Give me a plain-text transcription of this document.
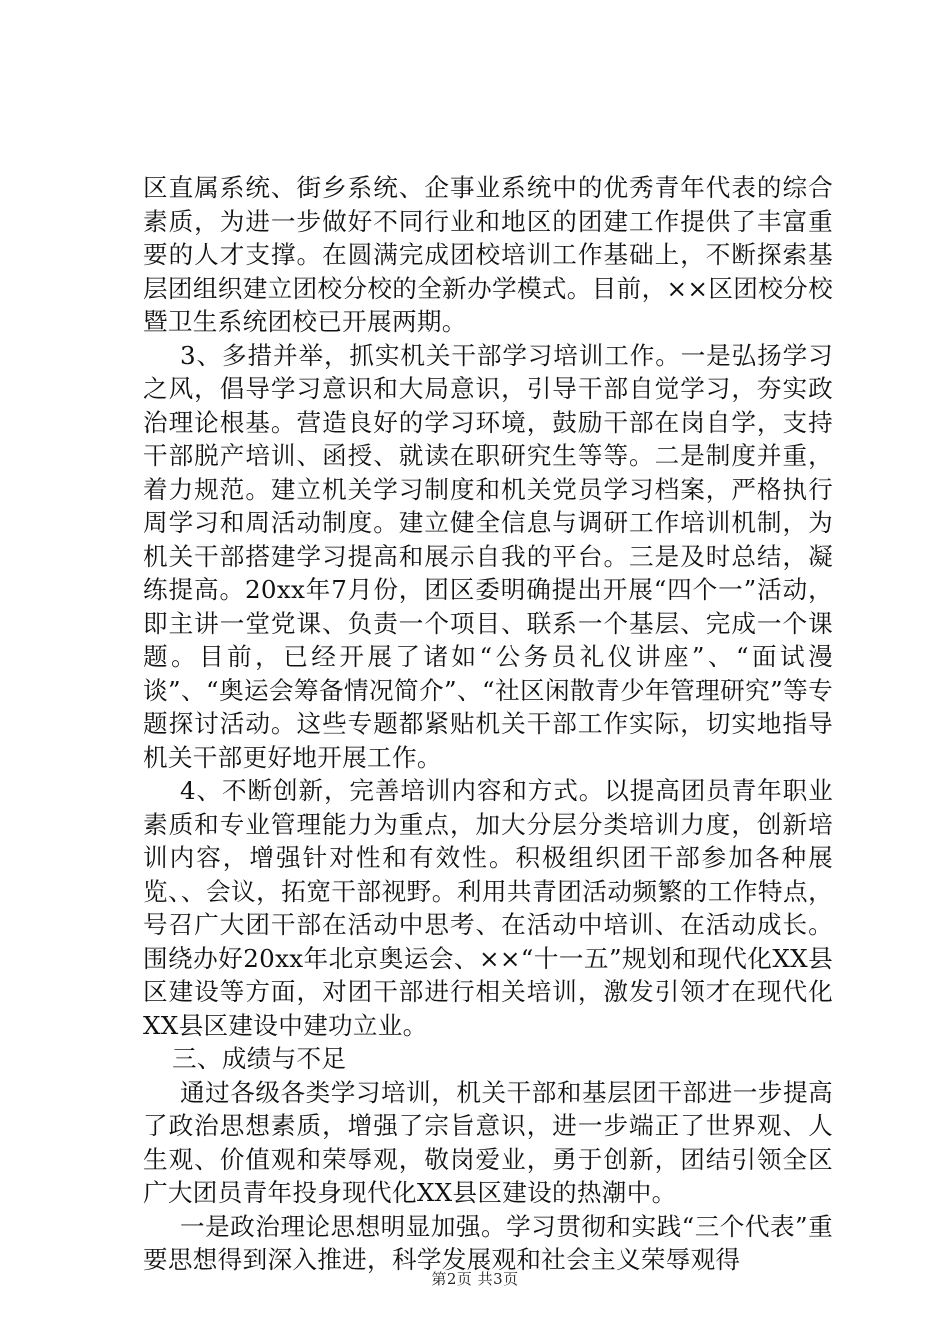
区直属系统、街乡系统、企事业系统中的优秀青年代表的综合素质，为进一步做好不同行业和地区的团建工作提供了丰富重要的人才支撑。在圆满完成团校培训工作基础上，不断探索基层团组织建立团校分校的全新办学模式。目前，××区团校分校暨卫生系统团校已开展两期。

3、多措并举，抓实机关干部学习培训工作。一是弘扬学习之风，倡导学习意识和大局意识，引导干部自觉学习，夯实政治理论根基。营造良好的学习环境，鼓励干部在岗自学，支持干部脱产培训、函授、就读在职研究生等等。二是制度并重，着力规范。建立机关学习制度和机关党员学习档案，严格执行周学习和周活动制度。建立健全信息与调研工作培训机制，为机关干部搭建学习提高和展示自我的平台。三是及时总结，凝练提高。20xx年7月份，团区委明确提出开展“四个一”活动，即主讲一堂党课、负责一个项目、联系一个基层、完成一个课题。目前，已经开展了诸如“公务员礼仪讲座”、“面试漫谈”、“奥运会筹备情况简介”、“社区闲散青少年管理研究”等专题探讨活动。这些专题都紧贴机关干部工作实际，切实地指导机关干部更好地开展工作。

4、不断创新，完善培训内容和方式。以提高团员青年职业素质和专业管理能力为重点，加大分层分类培训力度，创新培训内容，增强针对性和有效性。积极组织团干部参加各种展览、、会议，拓宽干部视野。利用共青团活动频繁的工作特点，号召广大团干部在活动中思考、在活动中培训、在活动成长。围绕办好20xx年北京奥运会、××“十一五”规划和现代化XX县区建设等方面，对团干部进行相关培训，激发引领才在现代化XX县区建设中建功立业。

三、成绩与不足

通过各级各类学习培训，机关干部和基层团干部进一步提高了政治思想素质，增强了宗旨意识，进一步端正了世界观、人生观、价值观和荣辱观，敬岗爱业，勇于创新，团结引领全区广大团员青年投身现代化XX县区建设的热潮中。

一是政治理论思想明显加强。学习贯彻和实践“三个代表”重要思想得到深入推进，科学发展观和社会主义荣辱观得

第2页 共3页
